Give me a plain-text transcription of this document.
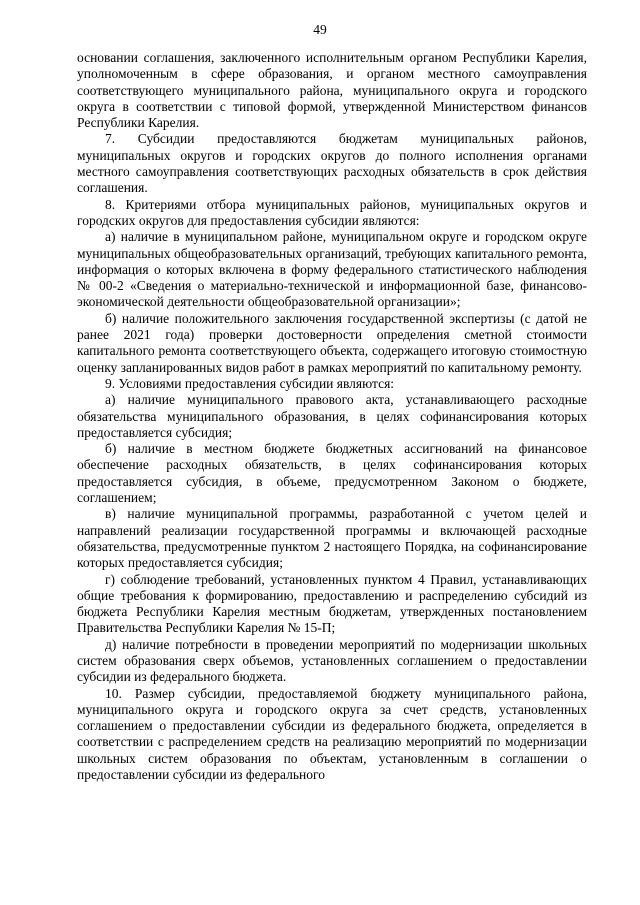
49

основании соглашения, заключенного исполнительным органом Республики Карелия, уполномоченным в сфере образования, и органом местного самоуправления соответствующего муниципального района, муниципального округа и городского округа в соответствии с типовой формой, утвержденной Министерством финансов Республики Карелия.

7. Субсидии предоставляются бюджетам муниципальных районов, муниципальных округов и городских округов до полного исполнения органами местного самоуправления соответствующих расходных обязательств в срок действия соглашения.

8. Критериями отбора муниципальных районов, муниципальных округов и городских округов для предоставления субсидии являются:

а) наличие в муниципальном районе, муниципальном округе и городском округе муниципальных общеобразовательных организаций, требующих капитального ремонта, информация о которых включена в форму федерального статистического наблюдения № 00-2 «Сведения о материально-технической и информационной базе, финансово-экономической деятельности общеобразовательной организации»;

б) наличие положительного заключения государственной экспертизы (с датой не ранее 2021 года) проверки достоверности определения сметной стоимости капитального ремонта соответствующего объекта, содержащего итоговую стоимостную оценку запланированных видов работ в рамках мероприятий по капитальному ремонту.

9. Условиями предоставления субсидии являются:

а) наличие муниципального правового акта, устанавливающего расходные обязательства муниципального образования, в целях софинансирования которых предоставляется субсидия;

б) наличие в местном бюджете бюджетных ассигнований на финансовое обеспечение расходных обязательств, в целях софинансирования которых предоставляется субсидия, в объеме, предусмотренном Законом о бюджете, соглашением;

в) наличие муниципальной программы, разработанной с учетом целей и направлений реализации государственной программы и включающей расходные обязательства, предусмотренные пунктом 2 настоящего Порядка, на софинансирование которых предоставляется субсидия;

г) соблюдение требований, установленных пунктом 4 Правил, устанавливающих общие требования к формированию, предоставлению и распределению субсидий из бюджета Республики Карелия местным бюджетам, утвержденных постановлением Правительства Республики Карелия № 15-П;

д) наличие потребности в проведении мероприятий по модернизации школьных систем образования сверх объемов, установленных соглашением о предоставлении субсидии из федерального бюджета.

10. Размер субсидии, предоставляемой бюджету муниципального района, муниципального округа и городского округа за счет средств, установленных соглашением о предоставлении субсидии из федерального бюджета, определяется в соответствии с распределением средств на реализацию мероприятий по модернизации школьных систем образования по объектам, установленным в соглашении о предоставлении субсидии из федерального
